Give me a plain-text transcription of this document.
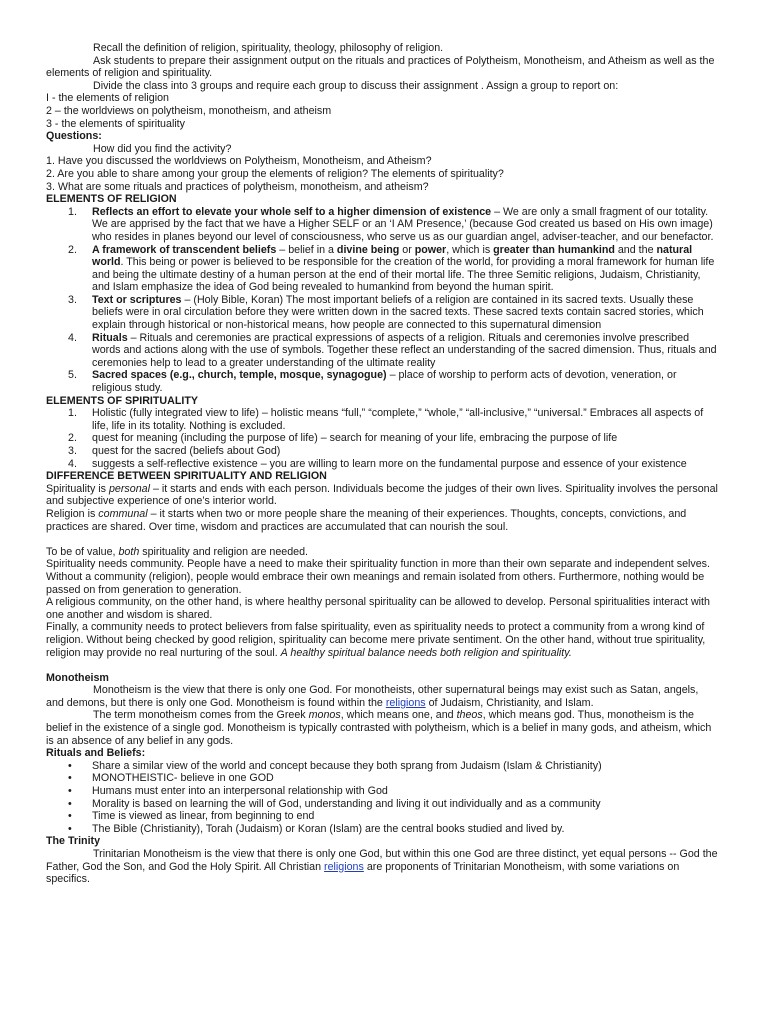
Recall the definition of religion, spirituality, theology, philosophy of religion.

Ask students to prepare their assignment output on the rituals and practices of Polytheism, Monotheism, and Atheism as well as the elements of religion and spirituality.

Divide the class into 3 groups and require each group to discuss their assignment . Assign a group to report on:

I - the elements of religion

2 – the worldviews on polytheism, monotheism, and atheism

3 - the elements of spirituality

Questions:

How did you find the activity?

1. Have you discussed the worldviews on Polytheism, Monotheism, and Atheism?

2. Are you able to share among your group the elements of religion? The elements of spirituality?

3. What are some rituals and practices of polytheism, monotheism, and atheism?

ELEMENTS OF RELIGION

1. Reflects an effort to elevate your whole self to a higher dimension of existence – We are only a small fragment of our totality. We are apprised by the fact that we have a Higher SELF or an ‘I AM Presence,’ (because God created us based on His own image) who resides in planes beyond our level of consciousness, who serve us as our guardian angel, adviser-teacher, and our benefactor.
2. A framework of transcendent beliefs – belief in a divine being or power, which is greater than humankind and the natural world. This being or power is believed to be responsible for the creation of the world, for providing a moral framework for human life and being the ultimate destiny of a human person at the end of their mortal life. The three Semitic religions, Judaism, Christianity, and Islam emphasize the idea of God being revealed to humankind from beyond the human spirit.
3. Text or scriptures – (Holy Bible, Koran) The most important beliefs of a religion are contained in its sacred texts. Usually these beliefs were in oral circulation before they were written down in the sacred texts. These sacred texts contain sacred stories, which explain through historical or non-historical means, how people are connected to this supernatural dimension
4. Rituals – Rituals and ceremonies are practical expressions of aspects of a religion. Rituals and ceremonies involve prescribed words and actions along with the use of symbols. Together these reflect an understanding of the sacred dimension. Thus, rituals and ceremonies help to lead to a greater understanding of the ultimate reality
5. Sacred spaces (e.g., church, temple, mosque, synagogue) – place of worship to perform acts of devotion, veneration, or religious study.

ELEMENTS OF SPIRITUALITY

1. Holistic (fully integrated view to life) – holistic means “full,” “complete,” “whole,” “all-inclusive,” “universal.” Embraces all aspects of life, life in its totality. Nothing is excluded.
2. quest for meaning (including the purpose of life) – search for meaning of your life, embracing the purpose of life
3. quest for the sacred (beliefs about God)
4. suggests a self-reflective existence – you are willing to learn more on the fundamental purpose and essence of your existence

DIFFERENCE BETWEEN SPIRITUALITY AND RELIGION

Spirituality is personal – it starts and ends with each person. Individuals become the judges of their own lives. Spirituality involves the personal and subjective experience of one’s interior world.

Religion is communal – it starts when two or more people share the meaning of their experiences. Thoughts, concepts, convictions, and practices are shared. Over time, wisdom and practices are accumulated that can nourish the soul.

To be of value, both spirituality and religion are needed.

Spirituality needs community. People have a need to make their spirituality function in more than their own separate and independent selves. Without a community (religion), people would embrace their own meanings and remain isolated from others. Furthermore, nothing would be passed on from generation to generation.

A religious community, on the other hand, is where healthy personal spirituality can be allowed to develop. Personal spiritualities interact with one another and wisdom is shared.

Finally, a community needs to protect believers from false spirituality, even as spirituality needs to protect a community from a wrong kind of religion. Without being checked by good religion, spirituality can become mere private sentiment. On the other hand, without true spirituality, religion may provide no real nurturing of the soul. A healthy spiritual balance needs both religion and spirituality.

Monotheism

Monotheism is the view that there is only one God. For monotheists, other supernatural beings may exist such as Satan, angels, and demons, but there is only one God. Monotheism is found within the religions of Judaism, Christianity, and Islam.

The term monotheism comes from the Greek monos, which means one, and theos, which means god. Thus, monotheism is the belief in the existence of a single god. Monotheism is typically contrasted with polytheism, which is a belief in many gods, and atheism, which is an absence of any belief in any gods.

Rituals and Beliefs:

• Share a similar view of the world and concept because they both sprang from Judaism (Islam & Christianity)
• MONOTHEISTIC- believe in one GOD
• Humans must enter into an interpersonal relationship with God
• Morality is based on learning the will of God, understanding and living it out individually and as a community
• Time is viewed as linear, from beginning to end
• The Bible (Christianity), Torah (Judaism) or Koran (Islam) are the central books studied and lived by.

The Trinity

Trinitarian Monotheism is the view that there is only one God, but within this one God are three distinct, yet equal persons -- God the Father, God the Son, and God the Holy Spirit. All Christian religions are proponents of Trinitarian Monotheism, with some variations on specifics.
